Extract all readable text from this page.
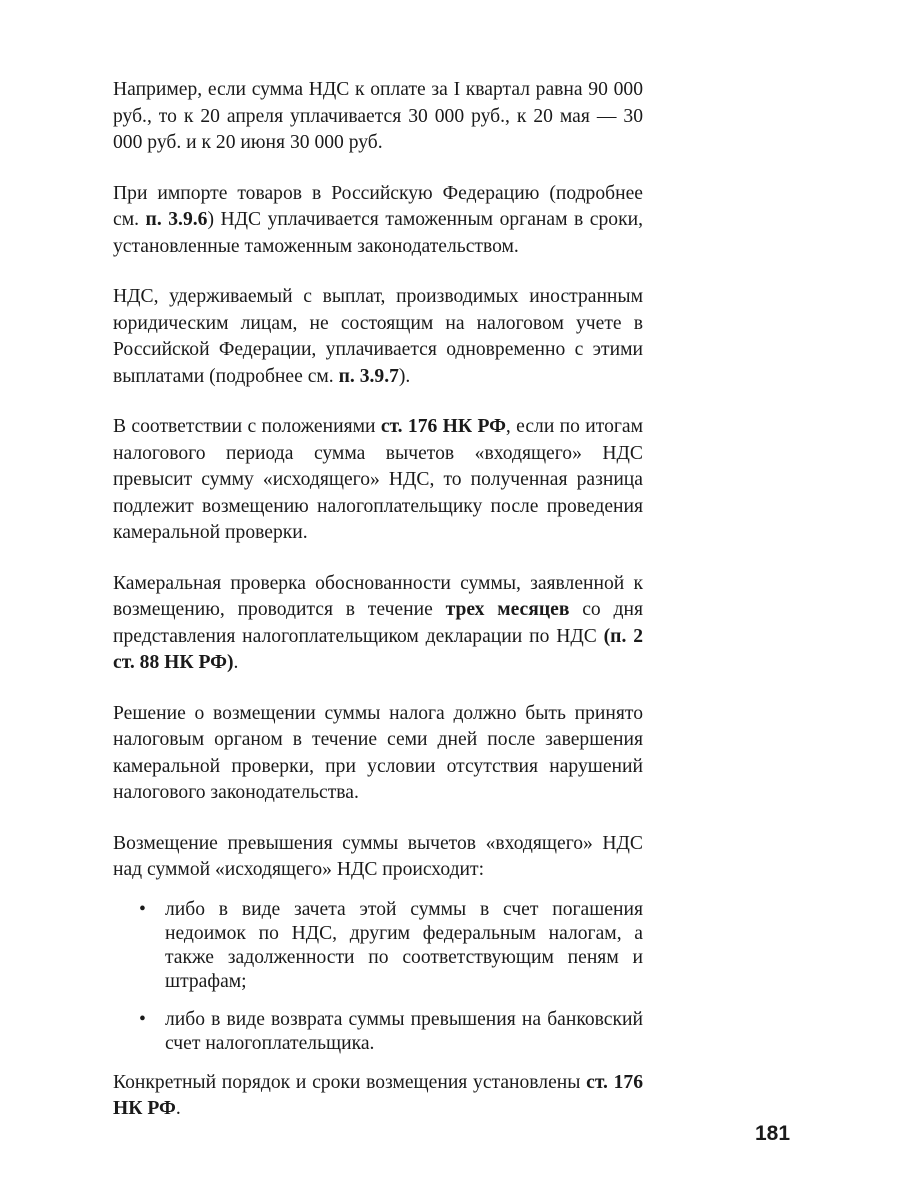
Например, если сумма НДС к оплате за I квартал равна 90 000 руб., то к 20 апреля уплачивается 30 000 руб., к 20 мая — 30 000 руб. и к 20 июня 30 000 руб.

При импорте товаров в Российскую Федерацию (подробнее см. п. 3.9.6) НДС уплачивается таможенным органам в сроки, установленные таможенным законодательством.

НДС, удерживаемый с выплат, производимых иностранным юридическим лицам, не состоящим на налоговом учете в Российской Федерации, уплачивается одновременно с этими выплатами (подробнее см. п. 3.9.7).

В соответствии с положениями ст. 176 НК РФ, если по итогам налогового периода сумма вычетов «входящего» НДС превысит сумму «исходящего» НДС, то полученная разница подлежит возмещению налогоплательщику после проведения камеральной проверки.

Камеральная проверка обоснованности суммы, заявленной к возмещению, проводится в течение трех месяцев со дня представления налогоплательщиком декларации по НДС (п. 2 ст. 88 НК РФ).

Решение о возмещении суммы налога должно быть принято налоговым органом в течение семи дней после завершения камеральной проверки, при условии отсутствия нарушений налогового законодательства.

Возмещение превышения суммы вычетов «входящего» НДС над суммой «исходящего» НДС происходит:

• либо в виде зачета этой суммы в счет погашения недоимок по НДС, другим федеральным налогам, а также задолженности по соответствующим пеням и штрафам;
• либо в виде возврата суммы превышения на банковский счет налогоплательщика.

Конкретный порядок и сроки возмещения установлены ст. 176 НК РФ.

181
